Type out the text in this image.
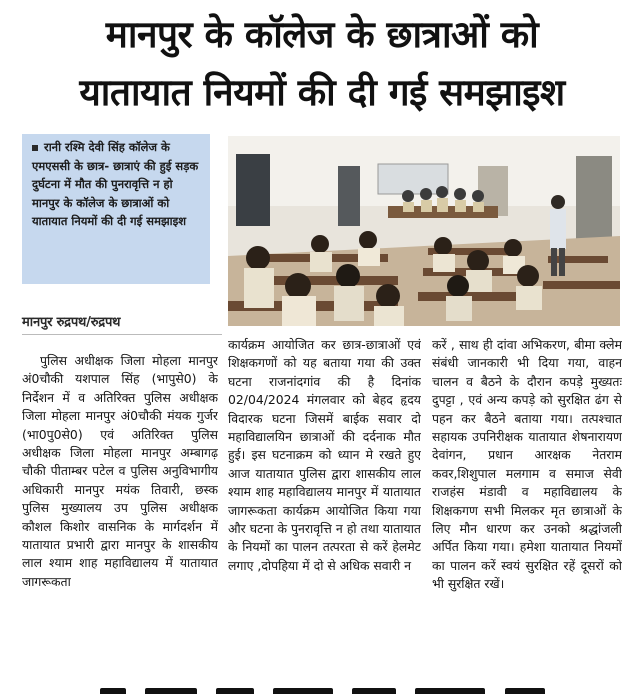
मानपुर के कॉलेज के छात्राओं को
यातायात नियमों की दी गई समझाइश
रानी रश्मि देवी सिंह कॉलेज के एमएससी के छात्र- छात्राएं की हुई सड़क दुर्घटना में मौत की पुनरावृत्ति न हो मानपुर के कॉलेज के छात्राओं को यातायात नियमों की दी गई समझाइश
मानपुर रुद्रपथ/रुद्रपथ
पुलिस अधीक्षक जिला मोहला मानपुर अं0चौकी यशपाल सिंह (भापुसे0) के निर्देशन में व अतिरिक्त पुलिस अधीक्षक जिला मोहला मानपुर अं0चौकी मंयक गुर्जर (भा0पु0से0) एवं अतिरिक्त पुलिस अधीक्षक जिला मोहला मानपुर अम्बागढ़ चौकी पीताम्बर पटेल व पुलिस अनुविभागीय अधिकारी मानपुर मयंक तिवारी, छस्क पुलिस मुख्यालय उप पुलिस अधीक्षक कौशल किशोर वासनिक के मार्गदर्शन में यातायात प्रभारी द्वारा मानपुर के शासकीय लाल श्याम शाह महाविद्यालय में यातायात जागरूकता
कार्यक्रम आयोजित कर छात्र-छात्राओं एवं शिक्षकगणों को यह बताया गया की उक्त घटना राजनांदगांव की है दिनांक 02/04/2024 मंगलवार को बेहद हृदय विदारक घटना जिसमें बाईक सवार दो महाविद्यालयिन छात्राओं की दर्दनाक मौत हुई। इस घटनाक्रम को ध्यान मे रखते हुए आज यातायात पुलिस द्वारा शासकीय लाल श्याम शाह महाविद्यालय मानपुर में यातायात जागरूकता कार्यक्रम आयोजित किया गया और घटना के पुनरावृत्ति न हो तथा यातायात के नियमों का पालन तत्परता से करें हेलमेट लगाए ,दोपहिया में दो से अधिक सवारी न
करें , साथ ही दांवा अभिकरण, बीमा क्लेम संबंधी जानकारी भी दिया गया, वाहन चालन व बैठने के दौरान कपड़े मुख्यतः दुपट्टा , एवं अन्य कपड़े को सुरक्षित ढंग से पहन कर बैठने बताया गया। तत्पश्चात सहायक उपनिरीक्षक यातायात शेषनारायण देवांगन, प्रधान आरक्षक नेतराम कवर,शिशुपाल मलगाम व समाज सेवी राजहंस मंडावी व महाविद्यालय के शिक्षकगण सभी मिलकर मृत छात्राओं के लिए मौन धारण कर उनको श्रद्धांजली अर्पित किया गया। हमेशा यातायात नियमों का पालन करें स्वयं सुरक्षित रहें दूसरों को भी सुरक्षित रखें।
